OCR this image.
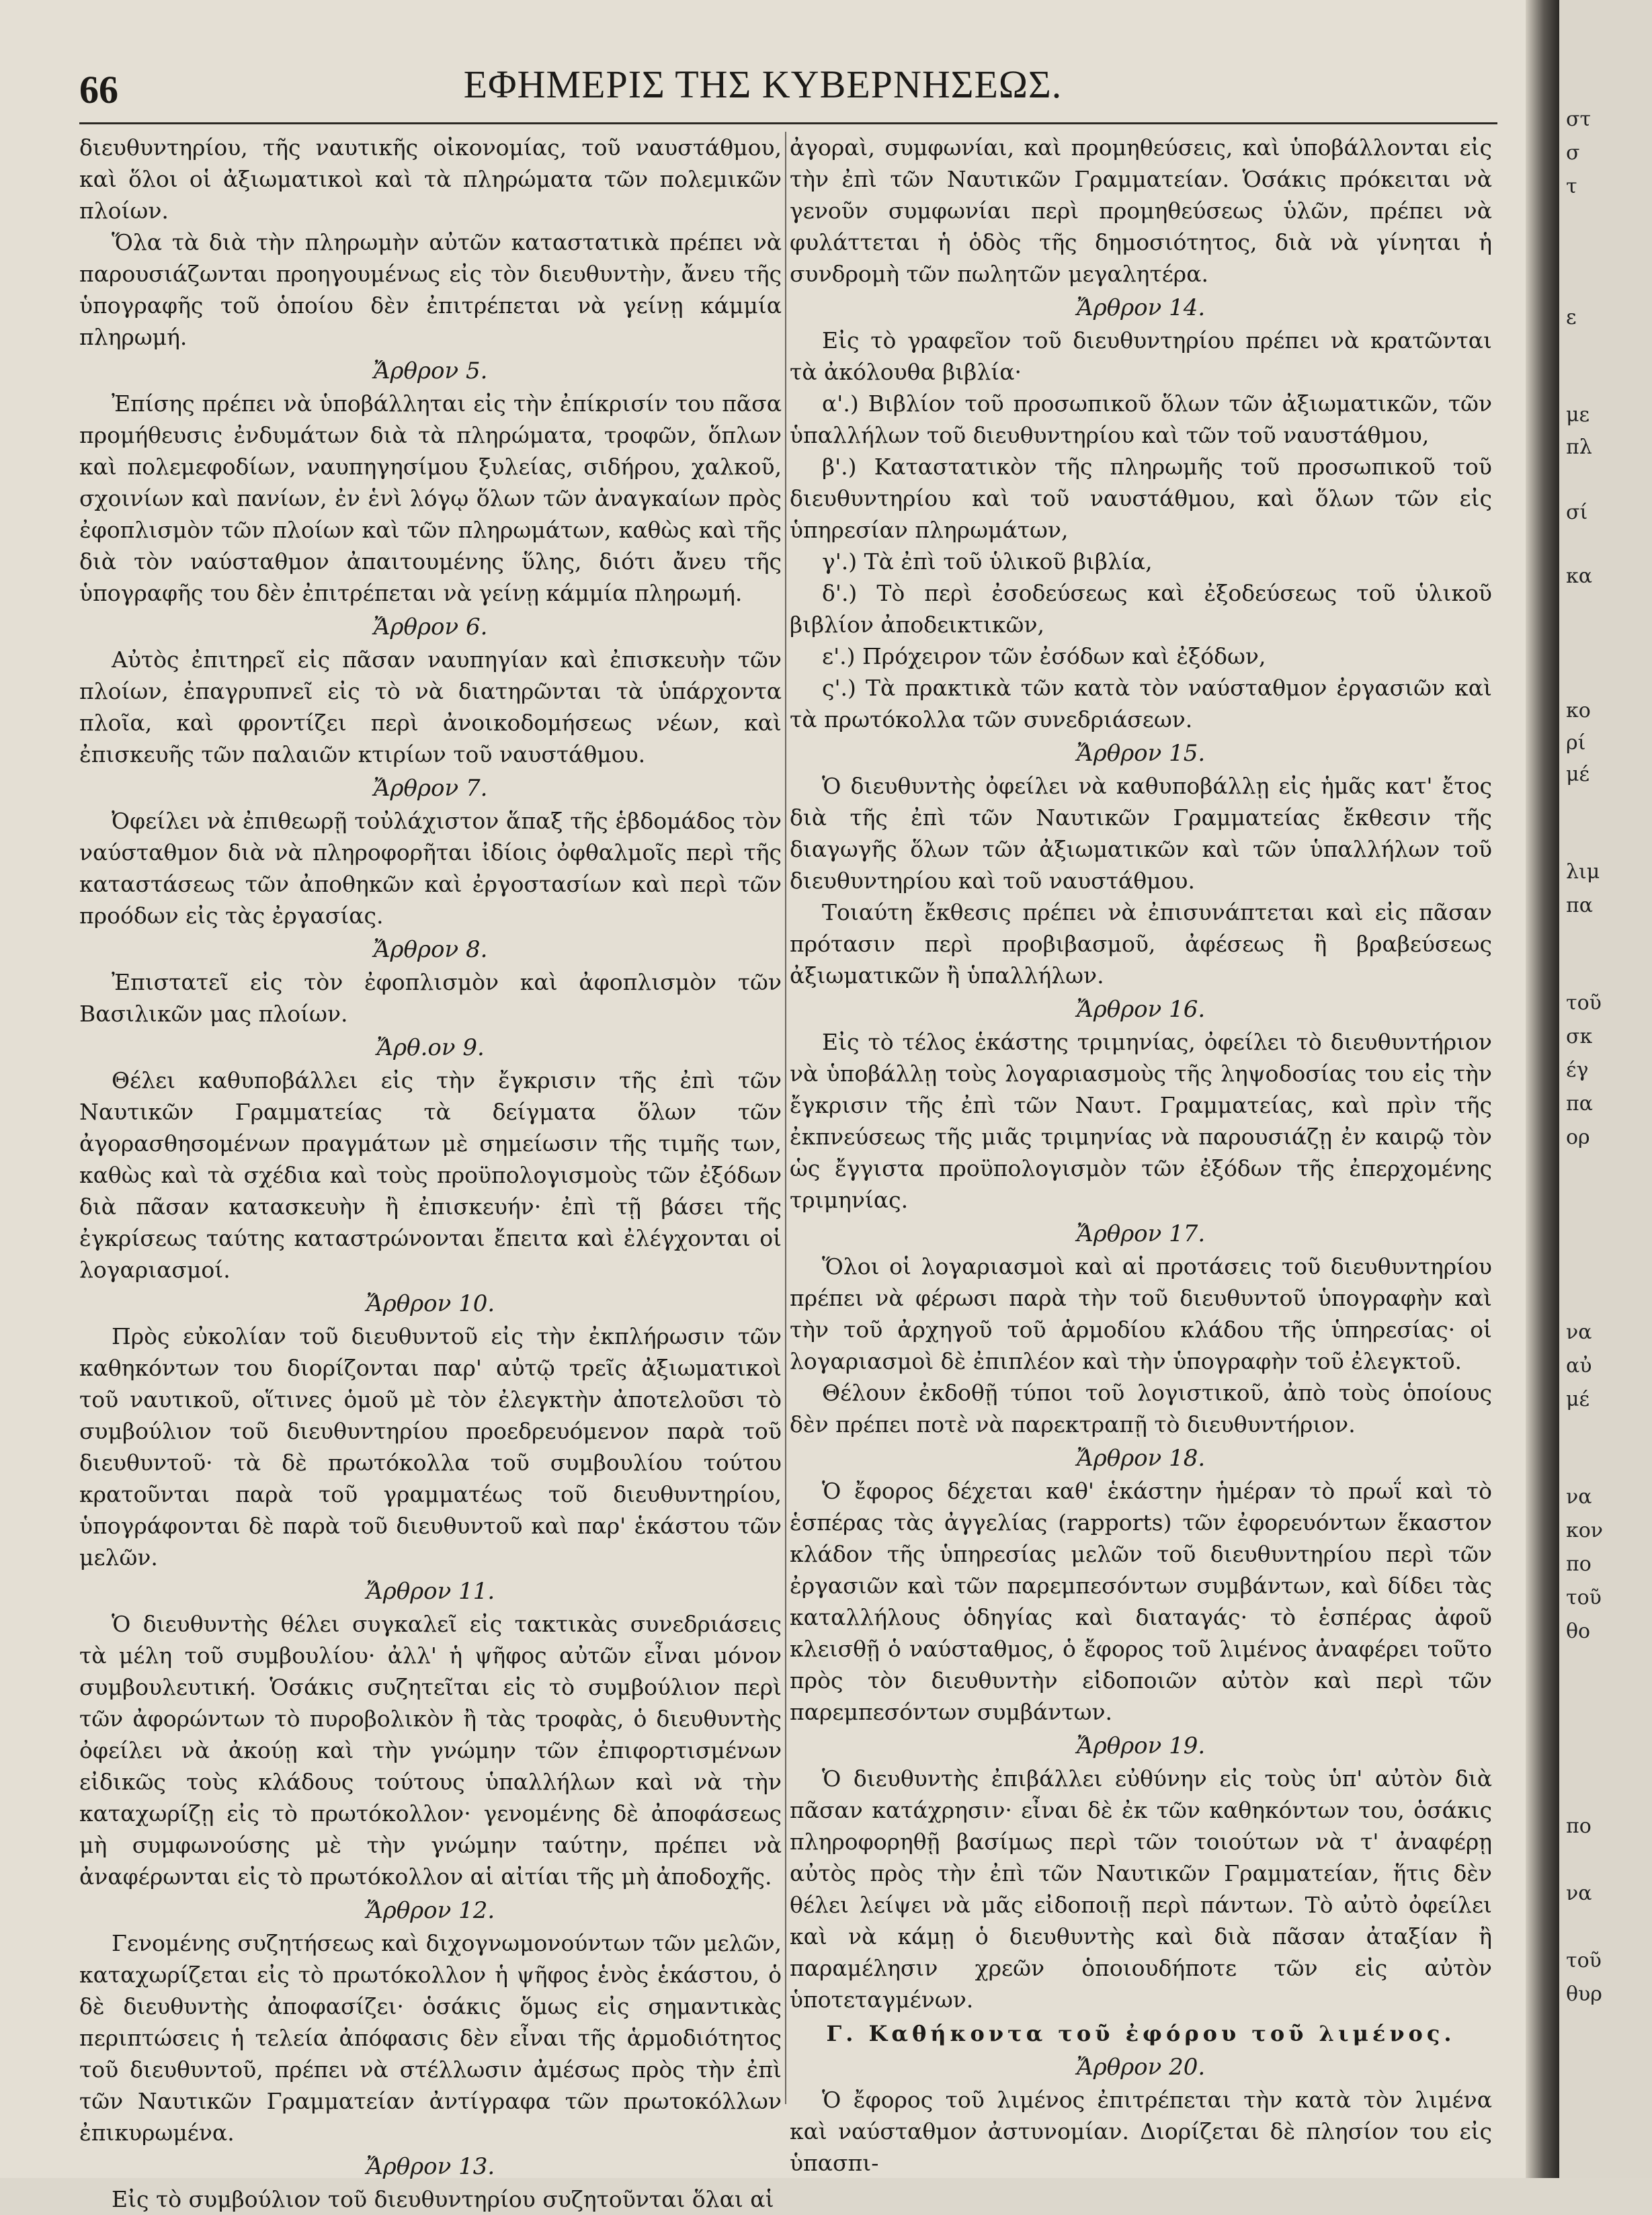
66	ΕΦΗΜΕΡΙΣ ΤΗΣ ΚΥΒΕΡΝΗΣΕΩΣ.

διευθυντηρίου, τῆς ναυτικῆς οἰκονομίας, τοῦ ναυστάθμου, καὶ ὅλοι οἱ ἀξιωματικοὶ καὶ τὰ πληρώματα τῶν πολεμικῶν πλοίων.

Ὅλα τὰ διὰ τὴν πληρωμὴν αὐτῶν καταστατικὰ πρέπει νὰ παρουσιάζωνται προηγουμένως εἰς τὸν διευθυντὴν, ἄνευ τῆς ὑπογραφῆς τοῦ ὁποίου δὲν ἐπιτρέπεται νὰ γείνῃ κάμμία πληρωμή.

Ἄρθρον 5.

Ἐπίσης πρέπει νὰ ὑποβάλληται εἰς τὴν ἐπίκρισίν του πᾶσα προμήθευσις ἐνδυμάτων διὰ τὰ πληρώματα, τροφῶν, ὅπλων καὶ πολεμεφοδίων, ναυπηγησίμου ξυλείας, σιδήρου, χαλκοῦ, σχοινίων καὶ πανίων, ἐν ἑνὶ λόγῳ ὅλων τῶν ἀναγκαίων πρὸς ἐφοπλισμὸν τῶν πλοίων καὶ τῶν πληρωμάτων, καθὼς καὶ τῆς διὰ τὸν ναύσταθμον ἀπαιτουμένης ὕλης, διότι ἄνευ τῆς ὑπογραφῆς του δὲν ἐπιτρέπεται νὰ γείνῃ κάμμία πληρωμή.

Ἄρθρον 6.

Αὐτὸς ἐπιτηρεῖ εἰς πᾶσαν ναυπηγίαν καὶ ἐπισκευὴν τῶν πλοίων, ἐπαγρυπνεῖ εἰς τὸ νὰ διατηρῶνται τὰ ὑπάρχοντα πλοῖα, καὶ φροντίζει περὶ ἀνοικοδομήσεως νέων, καὶ ἐπισκευῆς τῶν παλαιῶν κτιρίων τοῦ ναυστάθμου.

Ἄρθρον 7.

Ὀφείλει νὰ ἐπιθεωρῇ τοὐλάχιστον ἅπαξ τῆς ἑβδομάδος τὸν ναύσταθμον διὰ νὰ πληροφορῆται ἰδίοις ὀφθαλμοῖς περὶ τῆς καταστάσεως τῶν ἀποθηκῶν καὶ ἐργοστασίων καὶ περὶ τῶν προόδων εἰς τὰς ἐργασίας.

Ἄρθρον 8.

Ἐπιστατεῖ εἰς τὸν ἐφοπλισμὸν καὶ ἀφοπλισμὸν τῶν Βασιλικῶν μας πλοίων.

Ἄρθ.ον 9.

Θέλει καθυποβάλλει εἰς τὴν ἔγκρισιν τῆς ἐπὶ τῶν Ναυτικῶν Γραμματείας τὰ δείγματα ὅλων τῶν ἀγορασθησομένων πραγμάτων μὲ σημείωσιν τῆς τιμῆς των, καθὼς καὶ τὰ σχέδια καὶ τοὺς προϋπολογισμοὺς τῶν ἐξόδων διὰ πᾶσαν κατασκευὴν ἢ ἐπισκευήν· ἐπὶ τῇ βάσει τῆς ἐγκρίσεως ταύτης καταστρώνονται ἔπειτα καὶ ἐλέγχονται οἱ λογαριασμοί.

Ἄρθρον 10.

Πρὸς εὐκολίαν τοῦ διευθυντοῦ εἰς τὴν ἐκπλήρωσιν τῶν καθηκόντων του διορίζονται παρ' αὐτῷ τρεῖς ἀξιωματικοὶ τοῦ ναυτικοῦ, οἵτινες ὁμοῦ μὲ τὸν ἐλεγκτὴν ἀποτελοῦσι τὸ συμβούλιον τοῦ διευθυντηρίου προεδρευόμενον παρὰ τοῦ διευθυντοῦ· τὰ δὲ πρωτόκολλα τοῦ συμβουλίου τούτου κρατοῦνται παρὰ τοῦ γραμματέως τοῦ διευθυντηρίου, ὑπογράφονται δὲ παρὰ τοῦ διευθυντοῦ καὶ παρ' ἑκάστου τῶν μελῶν.

Ἄρθρον 11.

Ὁ διευθυντὴς θέλει συγκαλεῖ εἰς τακτικὰς συνεδριάσεις τὰ μέλη τοῦ συμβουλίου· ἀλλ' ἡ ψῆφος αὐτῶν εἶναι μόνον συμβουλευτική. Ὁσάκις συζητεῖται εἰς τὸ συμβούλιον περὶ τῶν ἀφορώντων τὸ πυροβολικὸν ἢ τὰς τροφὰς, ὁ διευθυντὴς ὀφείλει νὰ ἀκούῃ καὶ τὴν γνώμην τῶν ἐπιφορτισμένων εἰδικῶς τοὺς κλάδους τούτους ὑπαλλήλων καὶ νὰ τὴν καταχωρίζῃ εἰς τὸ πρωτόκολλον· γενομένης δὲ ἀποφάσεως μὴ συμφωνούσης μὲ τὴν γνώμην ταύτην, πρέπει νὰ ἀναφέρωνται εἰς τὸ πρωτόκολλον αἱ αἰτίαι τῆς μὴ ἀποδοχῆς.

Ἄρθρον 12.

Γενομένης συζητήσεως καὶ διχογνωμονούντων τῶν μελῶν, καταχωρίζεται εἰς τὸ πρωτόκολλον ἡ ψῆφος ἑνὸς ἑκάστου, ὁ δὲ διευθυντὴς ἀποφασίζει· ὁσάκις ὅμως εἰς σημαντικὰς περιπτώσεις ἡ τελεία ἀπόφασις δὲν εἶναι τῆς ἁρμοδιότητος τοῦ διευθυντοῦ, πρέπει νὰ στέλλωσιν ἀμέσως πρὸς τὴν ἐπὶ τῶν Ναυτικῶν Γραμματείαν ἀντίγραφα τῶν πρωτοκόλλων ἐπικυρωμένα.

Ἄρθρον 13.

Εἰς τὸ συμβούλιον τοῦ διευθυντηρίου συζητοῦνται ὅλαι αἱ

ἀγοραὶ, συμφωνίαι, καὶ προμηθεύσεις, καὶ ὑποβάλλονται εἰς τὴν ἐπὶ τῶν Ναυτικῶν Γραμματείαν. Ὁσάκις πρόκειται νὰ γενοῦν συμφωνίαι περὶ προμηθεύσεως ὑλῶν, πρέπει νὰ φυλάττεται ἡ ὁδὸς τῆς δημοσιότητος, διὰ νὰ γίνηται ἡ συνδρομὴ τῶν πωλητῶν μεγαλητέρα.

Ἄρθρον 14.

Εἰς τὸ γραφεῖον τοῦ διευθυντηρίου πρέπει νὰ κρατῶνται τὰ ἀκόλουθα βιβλία·

α'.) Βιβλίον τοῦ προσωπικοῦ ὅλων τῶν ἀξιωματικῶν, τῶν ὑπαλλήλων τοῦ διευθυντηρίου καὶ τῶν τοῦ ναυστάθμου,

β'.) Καταστατικὸν τῆς πληρωμῆς τοῦ προσωπικοῦ τοῦ διευθυντηρίου καὶ τοῦ ναυστάθμου, καὶ ὅλων τῶν εἰς ὑπηρεσίαν πληρωμάτων,

γ'.) Τὰ ἐπὶ τοῦ ὑλικοῦ βιβλία,

δ'.) Τὸ περὶ ἐσοδεύσεως καὶ ἐξοδεύσεως τοῦ ὑλικοῦ βιβλίον ἀποδεικτικῶν,

ε'.) Πρόχειρον τῶν ἐσόδων καὶ ἐξόδων,

ς'.) Τὰ πρακτικὰ τῶν κατὰ τὸν ναύσταθμον ἐργασιῶν καὶ τὰ πρωτόκολλα τῶν συνεδριάσεων.

Ἄρθρον 15.

Ὁ διευθυντὴς ὀφείλει νὰ καθυποβάλλῃ εἰς ἡμᾶς κατ' ἔτος διὰ τῆς ἐπὶ τῶν Ναυτικῶν Γραμματείας ἔκθεσιν τῆς διαγωγῆς ὅλων τῶν ἀξιωματικῶν καὶ τῶν ὑπαλλήλων τοῦ διευθυντηρίου καὶ τοῦ ναυστάθμου.

Τοιαύτη ἔκθεσις πρέπει νὰ ἐπισυνάπτεται καὶ εἰς πᾶσαν πρότασιν περὶ προβιβασμοῦ, ἀφέσεως ἢ βραβεύσεως ἀξιωματικῶν ἢ ὑπαλλήλων.

Ἄρθρον 16.

Εἰς τὸ τέλος ἑκάστης τριμηνίας, ὀφείλει τὸ διευθυντήριον νὰ ὑποβάλλῃ τοὺς λογαριασμοὺς τῆς ληψοδοσίας του εἰς τὴν ἔγκρισιν τῆς ἐπὶ τῶν Ναυτ. Γραμματείας, καὶ πρὶν τῆς ἐκπνεύσεως τῆς μιᾶς τριμηνίας νὰ παρουσιάζῃ ἐν καιρῷ τὸν ὡς ἔγγιστα προϋπολογισμὸν τῶν ἐξόδων τῆς ἐπερχομένης τριμηνίας.

Ἄρθρον 17.

Ὅλοι οἱ λογαριασμοὶ καὶ αἱ προτάσεις τοῦ διευθυντηρίου πρέπει νὰ φέρωσι παρὰ τὴν τοῦ διευθυντοῦ ὑπογραφὴν καὶ τὴν τοῦ ἀρχηγοῦ τοῦ ἁρμοδίου κλάδου τῆς ὑπηρεσίας· οἱ λογαριασμοὶ δὲ ἐπιπλέον καὶ τὴν ὑπογραφὴν τοῦ ἐλεγκτοῦ.

Θέλουν ἐκδοθῇ τύποι τοῦ λογιστικοῦ, ἀπὸ τοὺς ὁποίους δὲν πρέπει ποτὲ νὰ παρεκτραπῇ τὸ διευθυντήριον.

Ἄρθρον 18.

Ὁ ἔφορος δέχεται καθ' ἑκάστην ἡμέραν τὸ πρωΐ καὶ τὸ ἑσπέρας τὰς ἀγγελίας (rapports) τῶν ἐφορευόντων ἕκαστον κλάδον τῆς ὑπηρεσίας μελῶν τοῦ διευθυντηρίου περὶ τῶν ἐργασιῶν καὶ τῶν παρεμπεσόντων συμβάντων, καὶ δίδει τὰς καταλλήλους ὁδηγίας καὶ διαταγάς· τὸ ἑσπέρας ἀφοῦ κλεισθῇ ὁ ναύσταθμος, ὁ ἔφορος τοῦ λιμένος ἀναφέρει τοῦτο πρὸς τὸν διευθυντὴν εἰδοποιῶν αὐτὸν καὶ περὶ τῶν παρεμπεσόντων συμβάντων.

Ἄρθρον 19.

Ὁ διευθυντὴς ἐπιβάλλει εὐθύνην εἰς τοὺς ὑπ' αὐτὸν διὰ πᾶσαν κατάχρησιν· εἶναι δὲ ἐκ τῶν καθηκόντων του, ὁσάκις πληροφορηθῇ βασίμως περὶ τῶν τοιούτων νὰ τ' ἀναφέρῃ αὐτὸς πρὸς τὴν ἐπὶ τῶν Ναυτικῶν Γραμματείαν, ἥτις δὲν θέλει λείψει νὰ μᾶς εἰδοποιῇ περὶ πάντων. Τὸ αὐτὸ ὀφείλει καὶ νὰ κάμῃ ὁ διευθυντὴς καὶ διὰ πᾶσαν ἀταξίαν ἢ παραμέλησιν χρεῶν ὁποιουδήποτε τῶν εἰς αὐτὸν ὑποτεταγμένων.

Γ. Καθήκοντα τοῦ ἐφόρου τοῦ λιμένος.
Ἄρθρον 20.

Ὁ ἔφορος τοῦ λιμένος ἐπιτρέπεται τὴν κατὰ τὸν λιμένα καὶ ναύσταθμον ἀστυνομίαν. Διορίζεται δὲ πλησίον του εἰς ὑπασπι-

στ
σ
τ
ε
με
πλ
σί
κα
κο
ρί
μέ
λιμ
πα
τοῦ
σκ
έγ
πα
ορ
να
αὐ
μέ
να
κον
πο
τοῦ
θο
πο
να
τοῦ
θυρ
